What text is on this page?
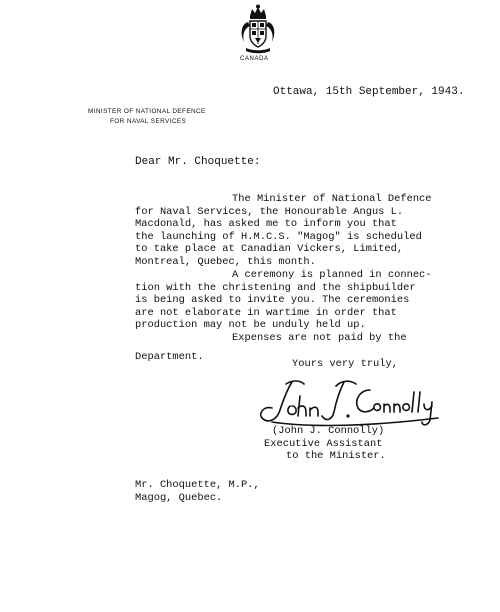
CANADA
Ottawa, 15th September, 1943.
MINISTER OF NATIONAL DEFENCE
FOR NAVAL SERVICES
Dear Mr. Choquette:
The Minister of National Defence
for Naval Services, the Honourable Angus L.
Macdonald, has asked me to inform you that
the launching of H.M.C.S. "Magog" is scheduled
to take place at Canadian Vickers, Limited,
Montreal, Quebec, this month.
A ceremony is planned in connec-
tion with the christening and the shipbuilder
is being asked to invite you. The ceremonies
are not elaborate in wartime in order that
production may not be unduly held up.
Expenses are not paid by the
Department.
Yours very truly,
(John J. Connolly)
Executive Assistant
to the Minister.
Mr. Choquette, M.P.,
Magog, Quebec.
